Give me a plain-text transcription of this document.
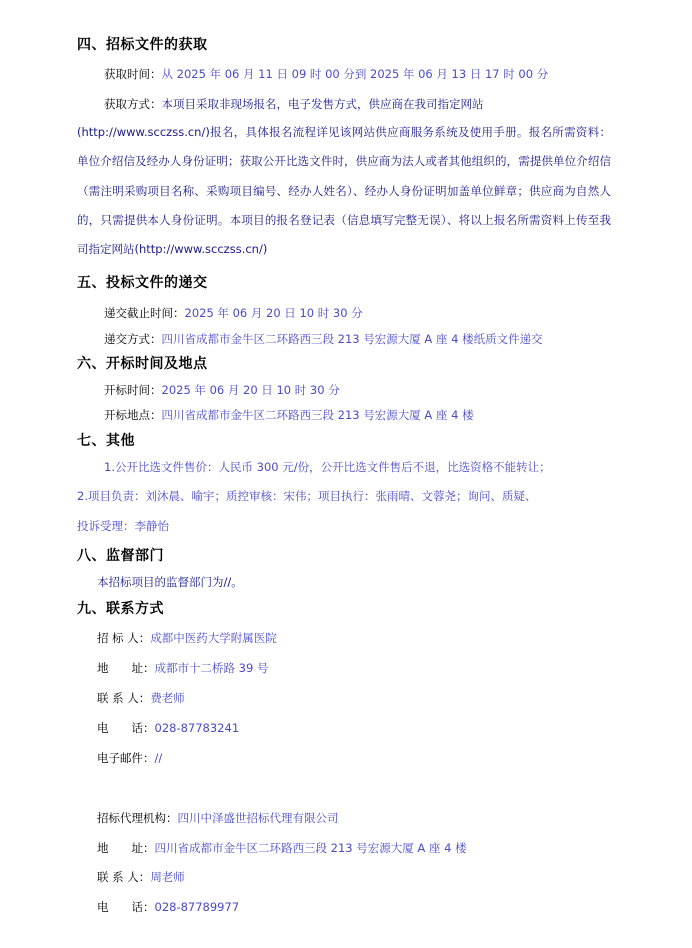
四、招标文件的获取
获取时间：从 2025 年 06 月 11 日 09 时 00 分到 2025 年 06 月 13 日 17 时 00 分
获取方式：本项目采取非现场报名，电子发售方式，供应商在我司指定网站
(http://www.scczss.cn/)报名，具体报名流程详见该网站供应商服务系统及使用手册。报名所需资料：单位介绍信及经办人身份证明；获取公开比选文件时，供应商为法人或者其他组织的，需提供单位介绍信（需注明采购项目名称、采购项目编号、经办人姓名）、经办人身份证明加盖单位鲜章；供应商为自然人的，只需提供本人身份证明。本项目的报名登记表（信息填写完整无误）、将以上报名所需资料上传至我司指定网站(http://www.scczss.cn/)
五、投标文件的递交
递交截止时间：2025 年 06 月 20 日 10 时 30 分
递交方式：四川省成都市金牛区二环路西三段 213 号宏源大厦 A 座 4 楼纸质文件递交
六、开标时间及地点
开标时间：2025 年 06 月 20 日 10 时 30 分
开标地点：四川省成都市金牛区二环路西三段 213 号宏源大厦 A 座 4 楼
七、其他
1.公开比选文件售价：人民币 300 元/份，公开比选文件售后不退，比选资格不能转让；
2.项目负责：刘沐晨、喻宇；质控审核：宋伟；项目执行：张雨晴、文蓉尧；询问、质疑、
投诉受理：李静怡
八、监督部门
本招标项目的监督部门为//。
九、联系方式
招 标 人：成都中医药大学附属医院
地　　址：成都市十二桥路 39 号
联 系 人：费老师
电　　话：028-87783241
电子邮件：//
招标代理机构：四川中泽盛世招标代理有限公司
地　　址：四川省成都市金牛区二环路西三段 213 号宏源大厦 A 座 4 楼
联 系 人：周老师
电　　话：028-87789977
